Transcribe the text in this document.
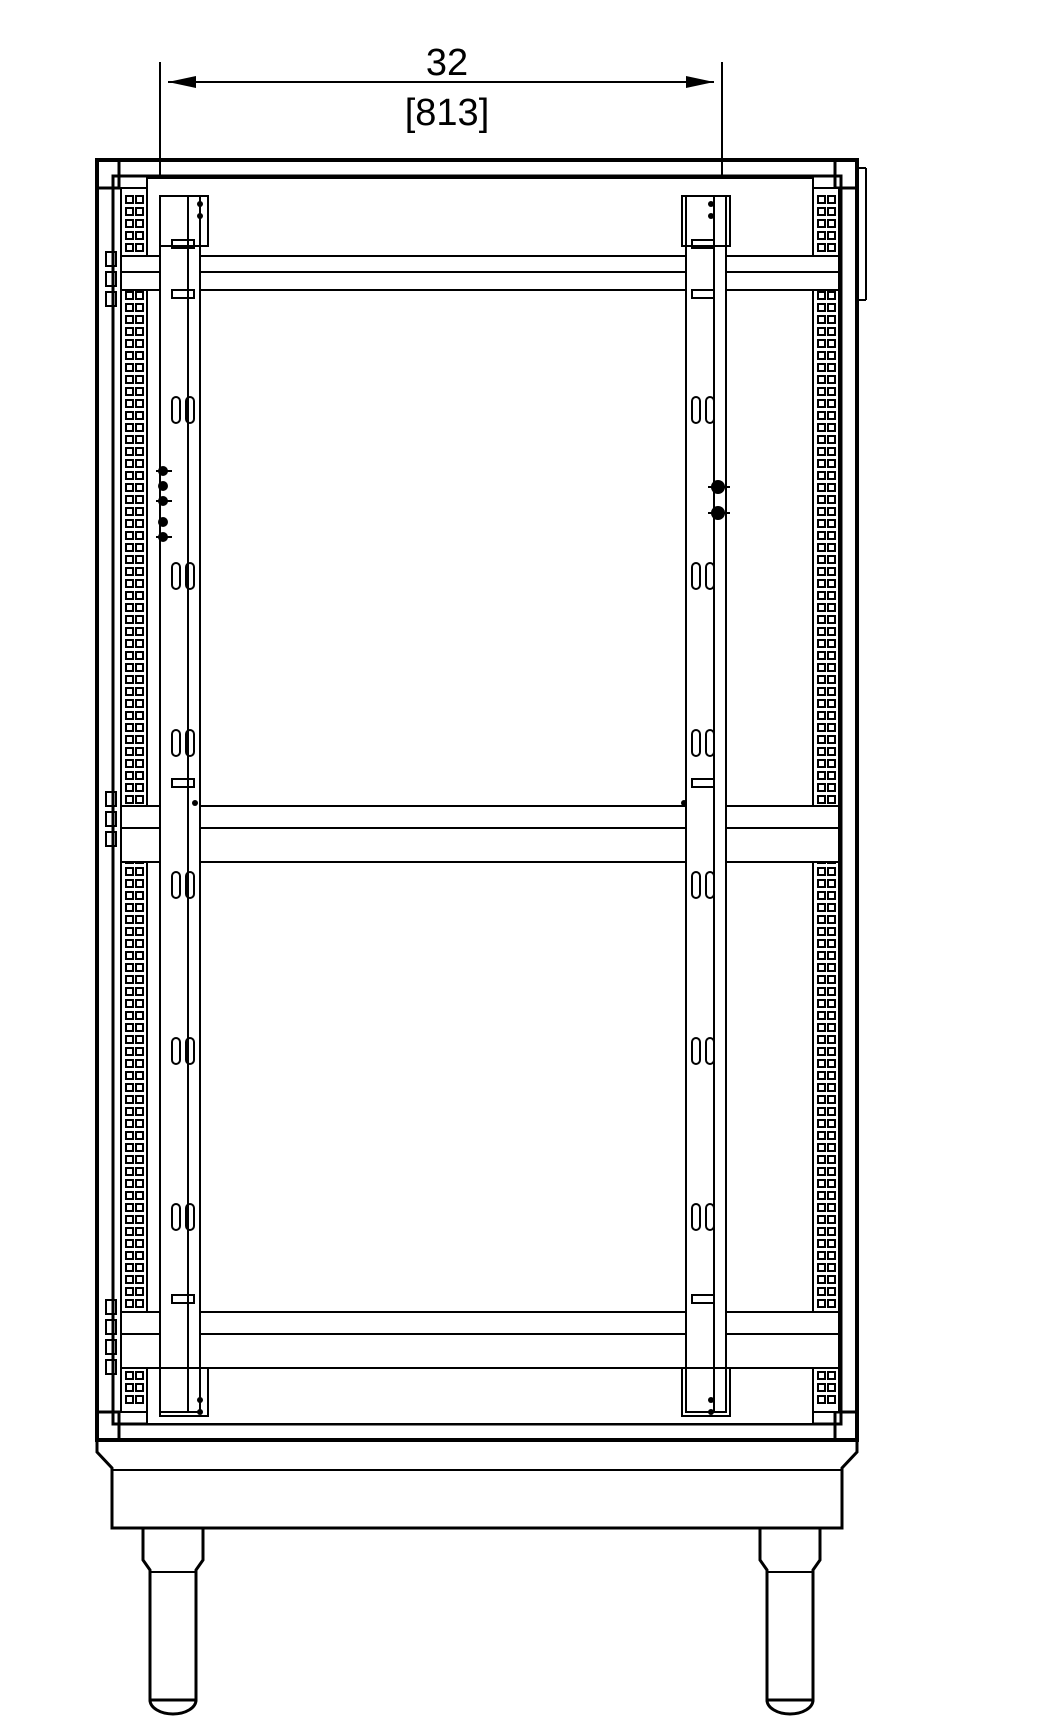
32
[813]
